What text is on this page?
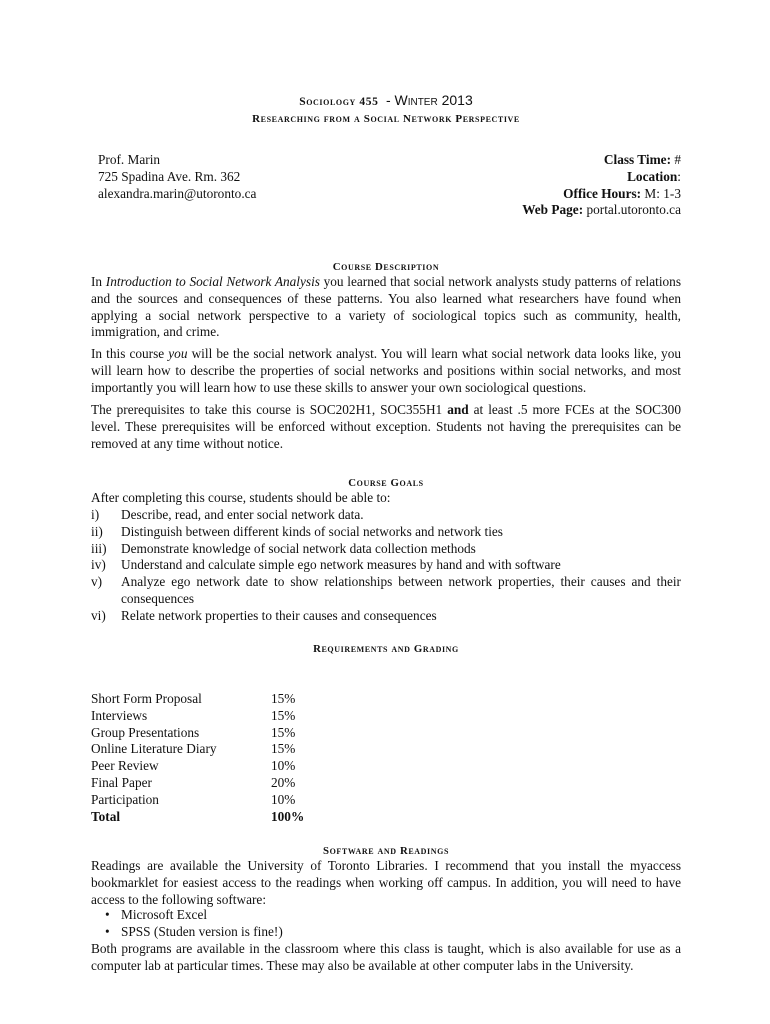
Sociology 455 - Winter 2013
Researching from a Social Network Perspective
Prof. Marin
725 Spadina Ave. Rm. 362
alexandra.marin@utoronto.ca
Class Time: #
Location:
Office Hours: M: 1-3
Web Page: portal.utoronto.ca
Course Description
In Introduction to Social Network Analysis you learned that social network analysts study patterns of relations and the sources and consequences of these patterns. You also learned what researchers have found when applying a social network perspective to a variety of sociological topics such as community, health, immigration, and crime.
In this course you will be the social network analyst. You will learn what social network data looks like, you will learn how to describe the properties of social networks and positions within social networks, and most importantly you will learn how to use these skills to answer your own sociological questions.
The prerequisites to take this course is SOC202H1, SOC355H1 and at least .5 more FCEs at the SOC300 level. These prerequisites will be enforced without exception. Students not having the prerequisites can be removed at any time without notice.
Course Goals
After completing this course, students should be able to:
i)	Describe, read, and enter social network data.
ii)	Distinguish between different kinds of social networks and network ties
iii)	Demonstrate knowledge of social network data collection methods
iv)	Understand and calculate simple ego network measures by hand and with software
v)	Analyze ego network date to show relationships between network properties, their causes and their consequences
vi)	Relate network properties to their causes and consequences
Requirements and Grading
Short Form Proposal	15%
Interviews	15%
Group Presentations	15%
Online Literature Diary	15%
Peer Review	10%
Final Paper	20%
Participation	10%
Total	100%
Software and Readings
Readings are available the University of Toronto Libraries. I recommend that you install the myaccess bookmarklet for easiest access to the readings when working off campus. In addition, you will need to have access to the following software:
• Microsoft Excel
• SPSS (Studen version is fine!)
Both programs are available in the classroom where this class is taught, which is also available for use as a computer lab at particular times. These may also be available at other computer labs in the University.
